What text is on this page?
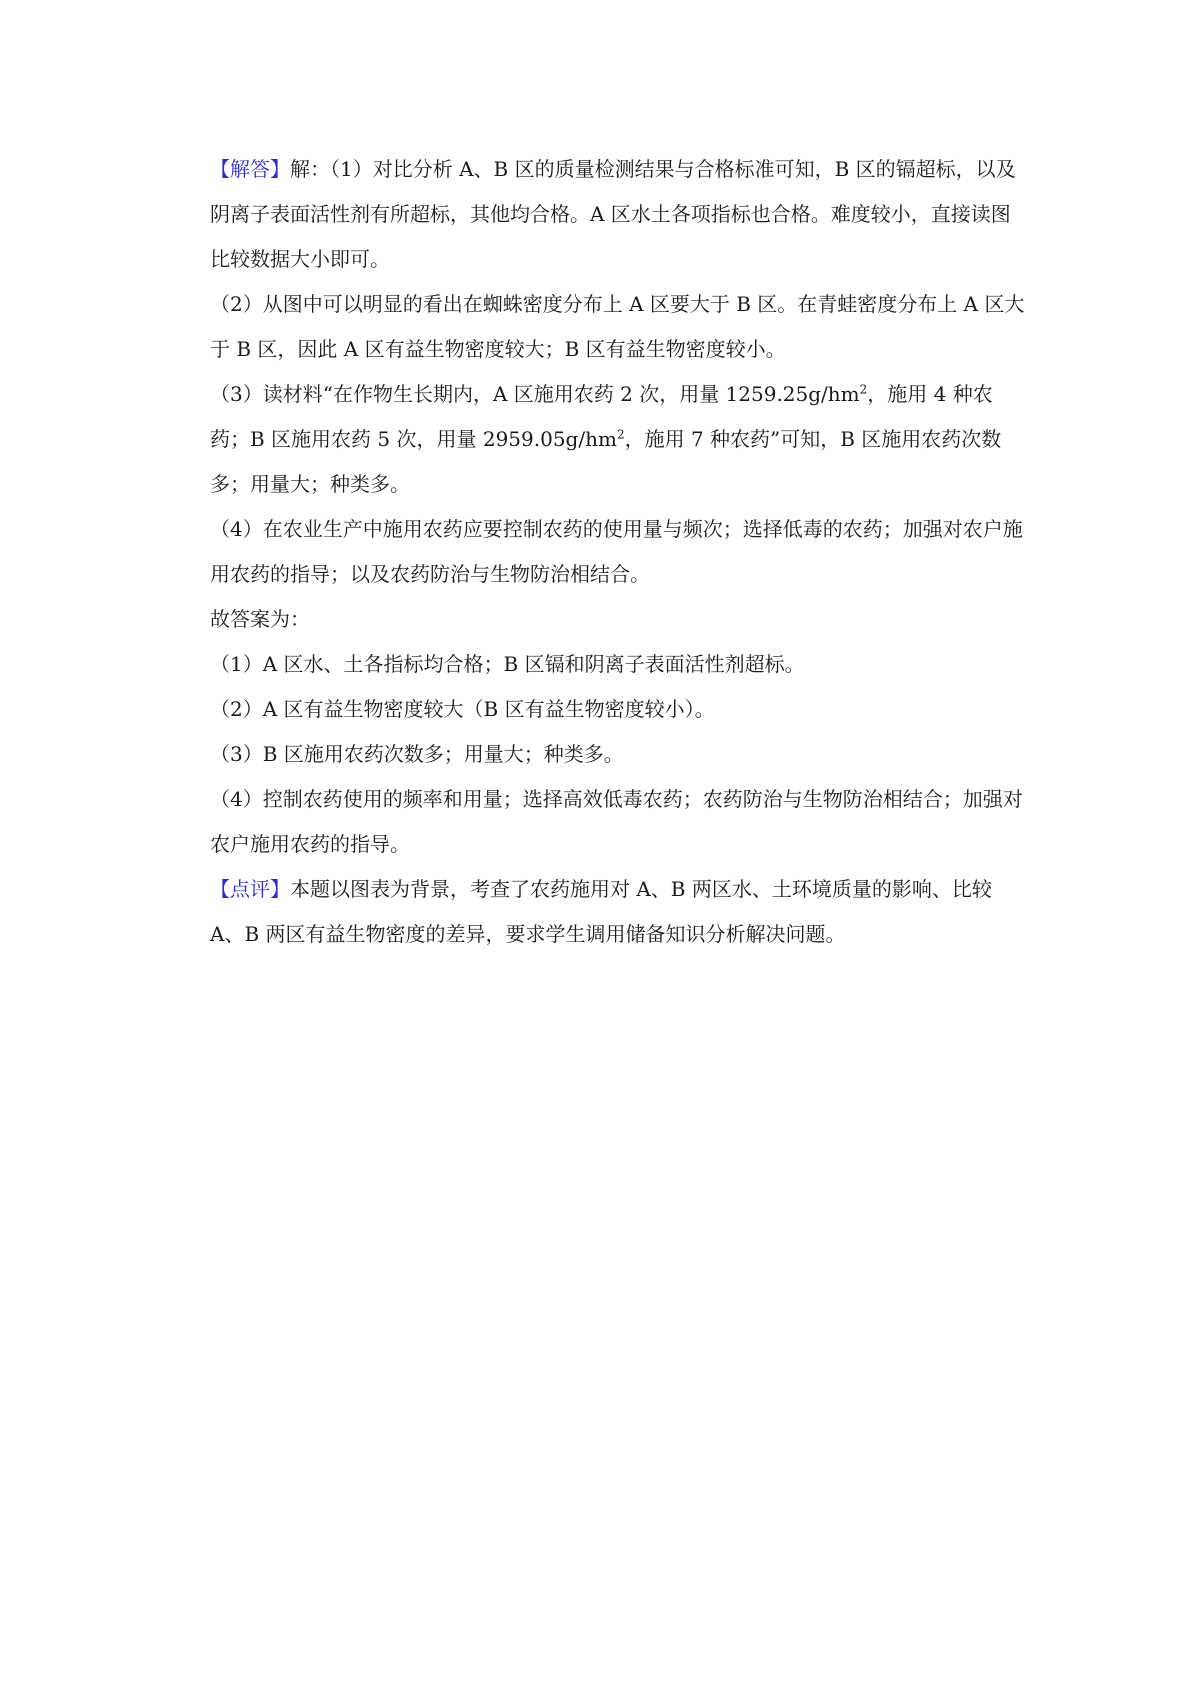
【解答】解：（1）对比分析 A、B 区的质量检测结果与合格标准可知，B 区的镉超标，以及阴离子表面活性剂有所超标，其他均合格。A 区水土各项指标也合格。难度较小，直接读图比较数据大小即可。

（2）从图中可以明显的看出在蜘蛛密度分布上 A 区要大于 B 区。在青蛙密度分布上 A 区大于 B 区，因此 A 区有益生物密度较大；B 区有益生物密度较小。

（3）读材料“在作物生长期内，A 区施用农药 2 次，用量 $1259.25g/hm^2$，施用 4 种农药；B 区施用农药 5 次，用量 $2959.05g/hm^2$，施用 7 种农药”可知，B 区施用农药次数多；用量大；种类多。

（4）在农业生产中施用农药应要控制农药的使用量与频次；选择低毒的农药；加强对农户施用农药的指导；以及农药防治与生物防治相结合。

故答案为：

（1）A 区水、土各指标均合格；B 区镉和阴离子表面活性剂超标。

（2）A 区有益生物密度较大（B 区有益生物密度较小）。

（3）B 区施用农药次数多；用量大；种类多。

（4）控制农药使用的频率和用量；选择高效低毒农药；农药防治与生物防治相结合；加强对农户施用农药的指导。

【点评】本题以图表为背景，考查了农药施用对 A、B 两区水、土环境质量的影响、比较 A、B 两区有益生物密度的差异，要求学生调用储备知识分析解决问题。
